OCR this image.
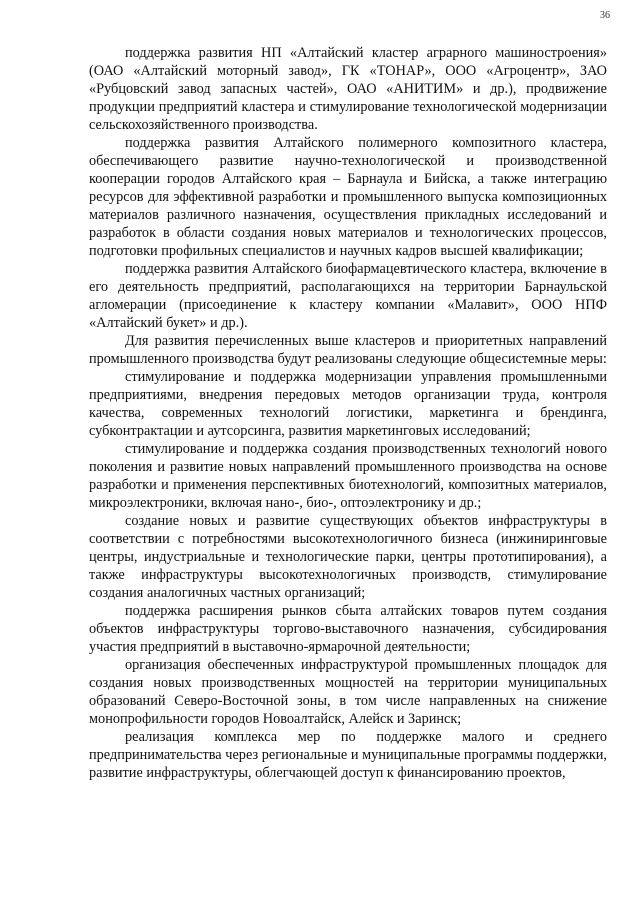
36

поддержка развития НП «Алтайский кластер аграрного машиностроения» (ОАО «Алтайский моторный завод», ГК «ТОНАР», ООО «Агроцентр», ЗАО «Рубцовский завод запасных частей», ОАО «АНИТИМ» и др.), продвижение продукции предприятий кластера и стимулирование технологической модернизации сельскохозяйственного производства.

поддержка развития Алтайского полимерного композитного кластера, обеспечивающего развитие научно-технологической и производственной кооперации городов Алтайского края – Барнаула и Бийска, а также интеграцию ресурсов для эффективной разработки и промышленного выпуска композиционных материалов различного назначения, осуществления прикладных исследований и разработок в области создания новых материалов и технологических процессов, подготовки профильных специалистов и научных кадров высшей квалификации;

поддержка развития Алтайского биофармацевтического кластера, включение в его деятельность предприятий, располагающихся на территории Барнаульской агломерации (присоединение к кластеру компании «Малавит», ООО НПФ «Алтайский букет» и др.).

Для развития перечисленных выше кластеров и приоритетных направлений промышленного производства будут реализованы следующие общесистемные меры:

стимулирование и поддержка модернизации управления промышленными предприятиями, внедрения передовых методов организации труда, контроля качества, современных технологий логистики, маркетинга и брендинга, субконтрактации и аутсорсинга, развития маркетинговых исследований;

стимулирование и поддержка создания производственных технологий нового поколения и развитие новых направлений промышленного производства на основе разработки и применения перспективных биотехнологий, композитных материалов, микроэлектроники, включая нано-, био-, оптоэлектронику и др.;

создание новых и развитие существующих объектов инфраструктуры в соответствии с потребностями высокотехнологичного бизнеса (инжиниринговые центры, индустриальные и технологические парки, центры прототипирования), а также инфраструктуры высокотехнологичных производств, стимулирование создания аналогичных частных организаций;

поддержка расширения рынков сбыта алтайских товаров путем создания объектов инфраструктуры торгово-выставочного назначения, субсидирования участия предприятий в выставочно-ярмарочной деятельности;

организация обеспеченных инфраструктурой промышленных площадок для создания новых производственных мощностей на территории муниципальных образований Северо-Восточной зоны, в том числе направленных на снижение монопрофильности городов Новоалтайск, Алейск и Заринск;

реализация комплекса мер по поддержке малого и среднего предпринимательства через региональные и муниципальные программы поддержки, развитие инфраструктуры, облегчающей доступ к финансированию проектов,
